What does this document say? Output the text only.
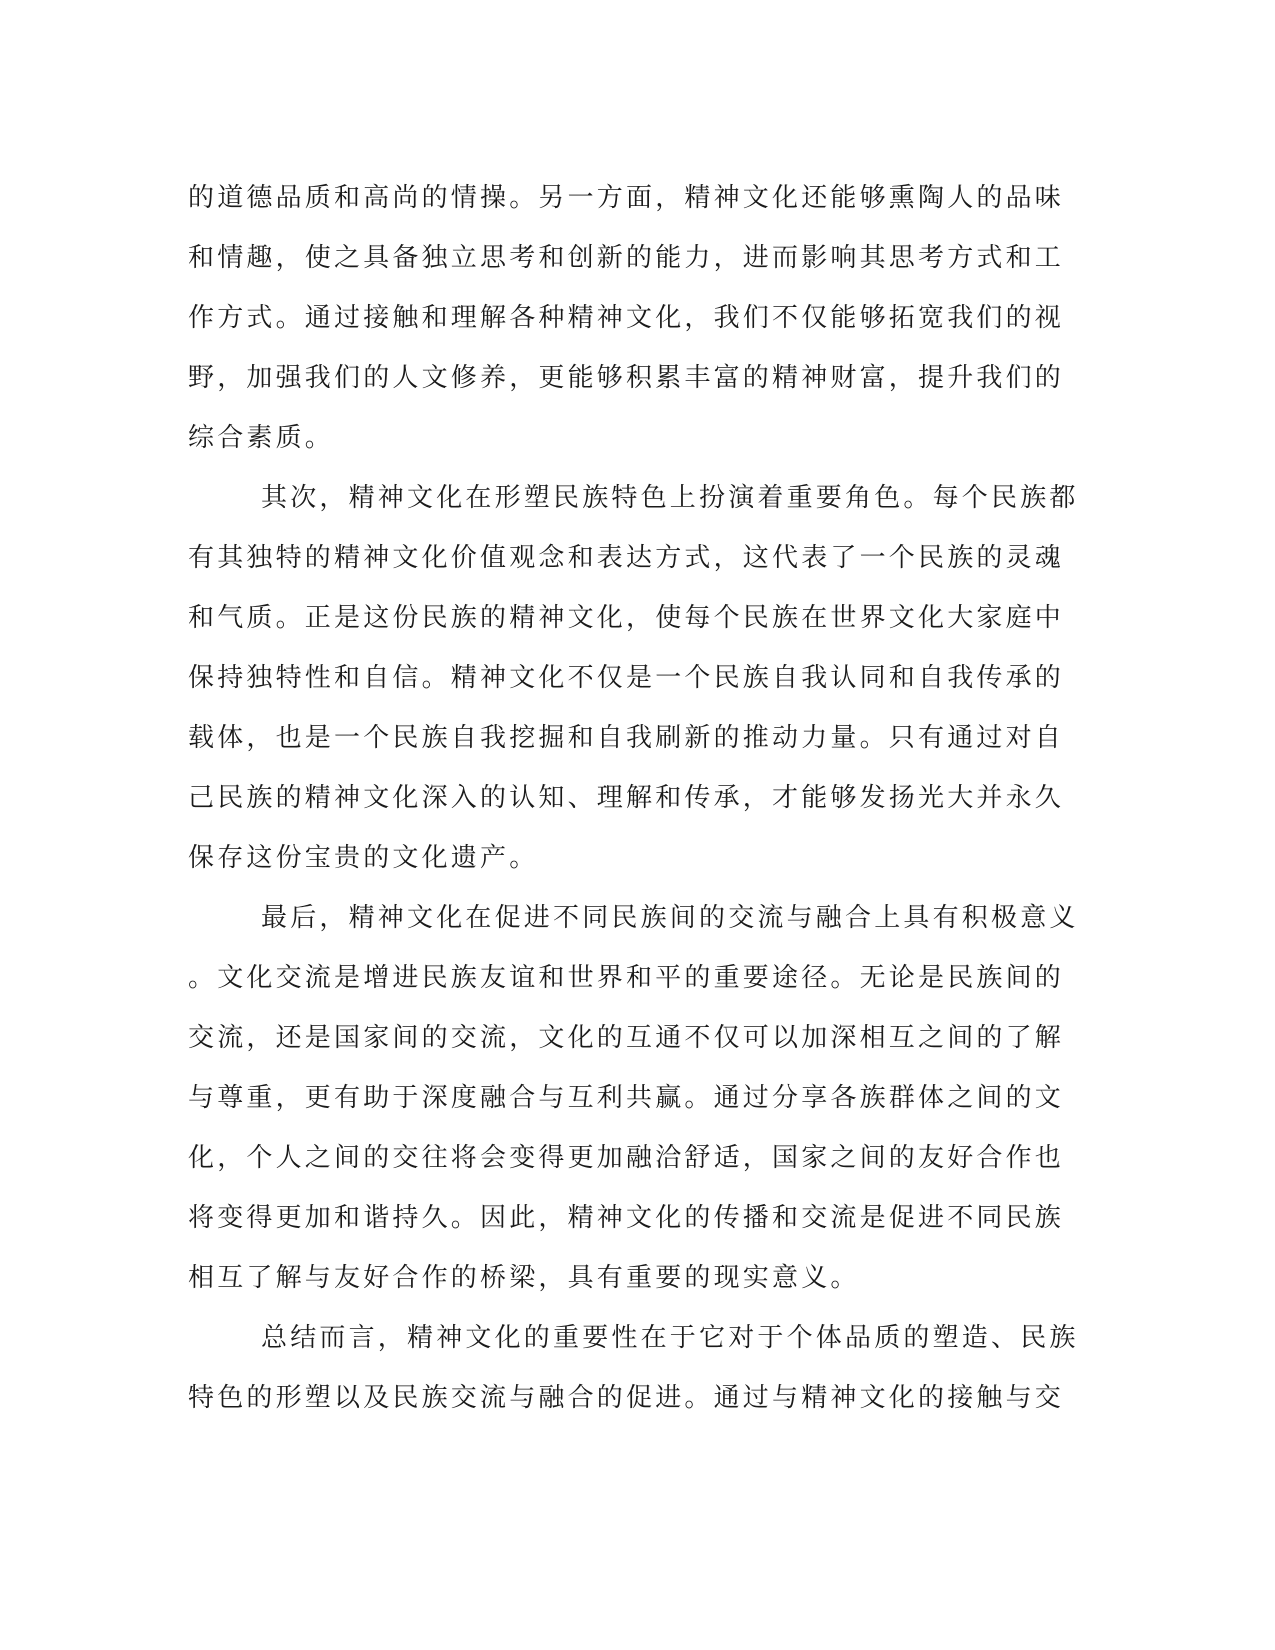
的道德品质和高尚的情操。另一方面，精神文化还能够熏陶人的品味
和情趣，使之具备独立思考和创新的能力，进而影响其思考方式和工
作方式。通过接触和理解各种精神文化，我们不仅能够拓宽我们的视
野，加强我们的人文修养，更能够积累丰富的精神财富，提升我们的
综合素质。
其次，精神文化在形塑民族特色上扮演着重要角色。每个民族都
有其独特的精神文化价值观念和表达方式，这代表了一个民族的灵魂
和气质。正是这份民族的精神文化，使每个民族在世界文化大家庭中
保持独特性和自信。精神文化不仅是一个民族自我认同和自我传承的
载体，也是一个民族自我挖掘和自我刷新的推动力量。只有通过对自
己民族的精神文化深入的认知、理解和传承，才能够发扬光大并永久
保存这份宝贵的文化遗产。
最后，精神文化在促进不同民族间的交流与融合上具有积极意义
。文化交流是增进民族友谊和世界和平的重要途径。无论是民族间的
交流，还是国家间的交流，文化的互通不仅可以加深相互之间的了解
与尊重，更有助于深度融合与互利共赢。通过分享各族群体之间的文
化，个人之间的交往将会变得更加融洽舒适，国家之间的友好合作也
将变得更加和谐持久。因此，精神文化的传播和交流是促进不同民族
相互了解与友好合作的桥梁，具有重要的现实意义。
总结而言，精神文化的重要性在于它对于个体品质的塑造、民族
特色的形塑以及民族交流与融合的促进。通过与精神文化的接触与交
